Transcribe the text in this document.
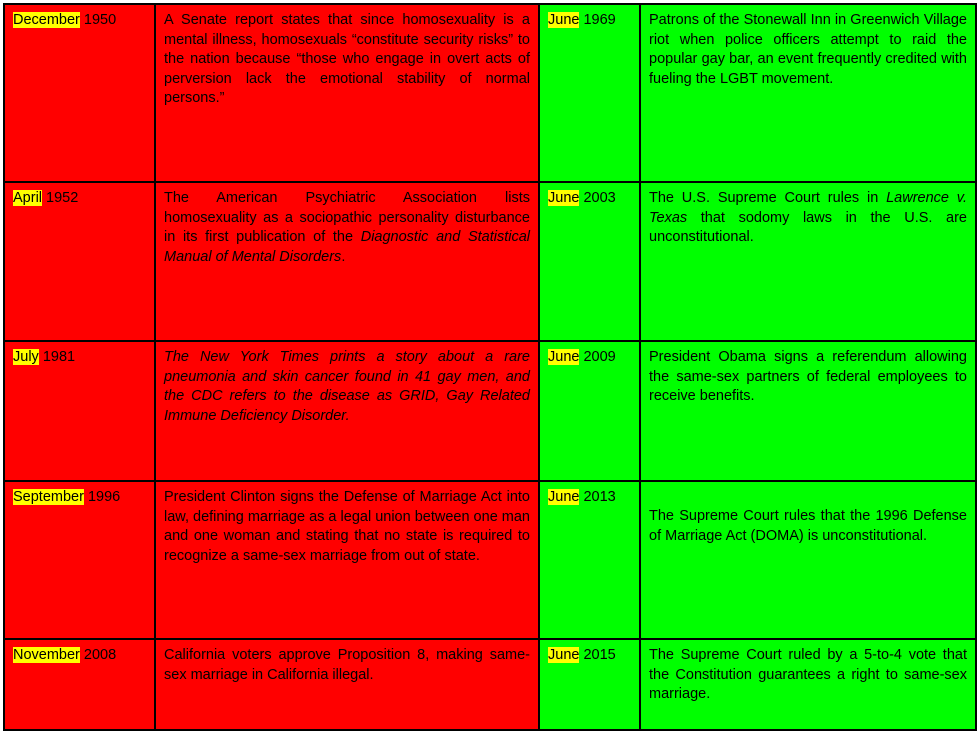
December 1950	A Senate report states that since homosexuality is a mental illness, homosexuals “constitute security risks” to the nation because “those who engage in overt acts of perversion lack the emotional stability of normal persons.”	June 1969	Patrons of the Stonewall Inn in Greenwich Village riot when police officers attempt to raid the popular gay bar, an event frequently credited with fueling the LGBT movement.
April 1952	The American Psychiatric Association lists homosexuality as a sociopathic personality disturbance in its first publication of the Diagnostic and Statistical Manual of Mental Disorders.	June 2003	The U.S. Supreme Court rules in Lawrence v. Texas that sodomy laws in the U.S. are unconstitutional.
July 1981	The New York Times prints a story about a rare pneumonia and skin cancer found in 41 gay men, and the CDC refers to the disease as GRID, Gay Related Immune Deficiency Disorder.	June 2009	President Obama signs a referendum allowing the same-sex partners of federal employees to receive benefits.
September 1996	President Clinton signs the Defense of Marriage Act into law, defining marriage as a legal union between one man and one woman and stating that no state is required to recognize a same-sex marriage from out of state.	June 2013	The Supreme Court rules that the 1996 Defense of Marriage Act (DOMA) is unconstitutional.
November 2008	California voters approve Proposition 8, making same-sex marriage in California illegal.	June 2015	The Supreme Court ruled by a 5-to-4 vote that the Constitution guarantees a right to same-sex marriage.
